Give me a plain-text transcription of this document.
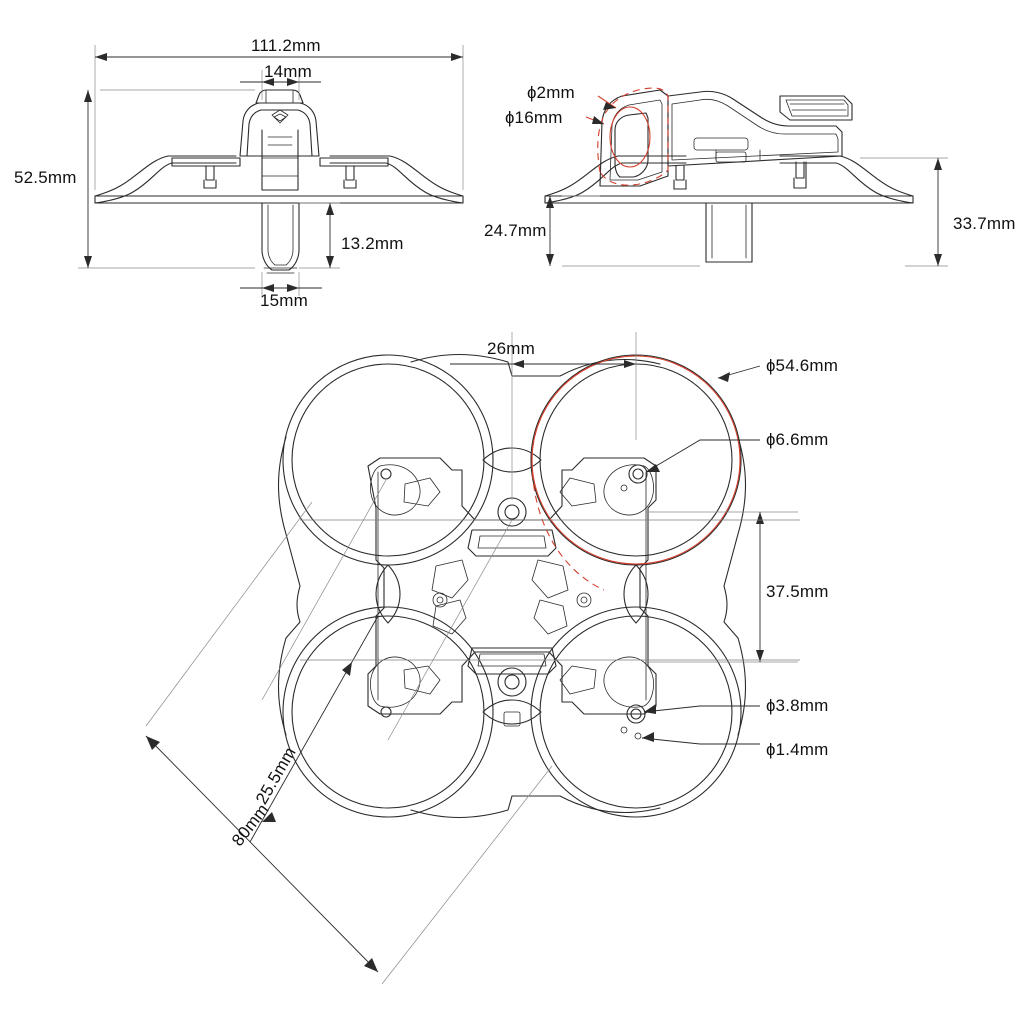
111.2mm
14mm
52.5mm
13.2mm
15mm
ɸ2mm
ɸ16mm
24.7mm	33.7mm
26mm
ɸ54.6mm
ɸ6.6mm
37.5mm
ɸ3.8mm
ɸ1.4mm
25.5mm
80mm
